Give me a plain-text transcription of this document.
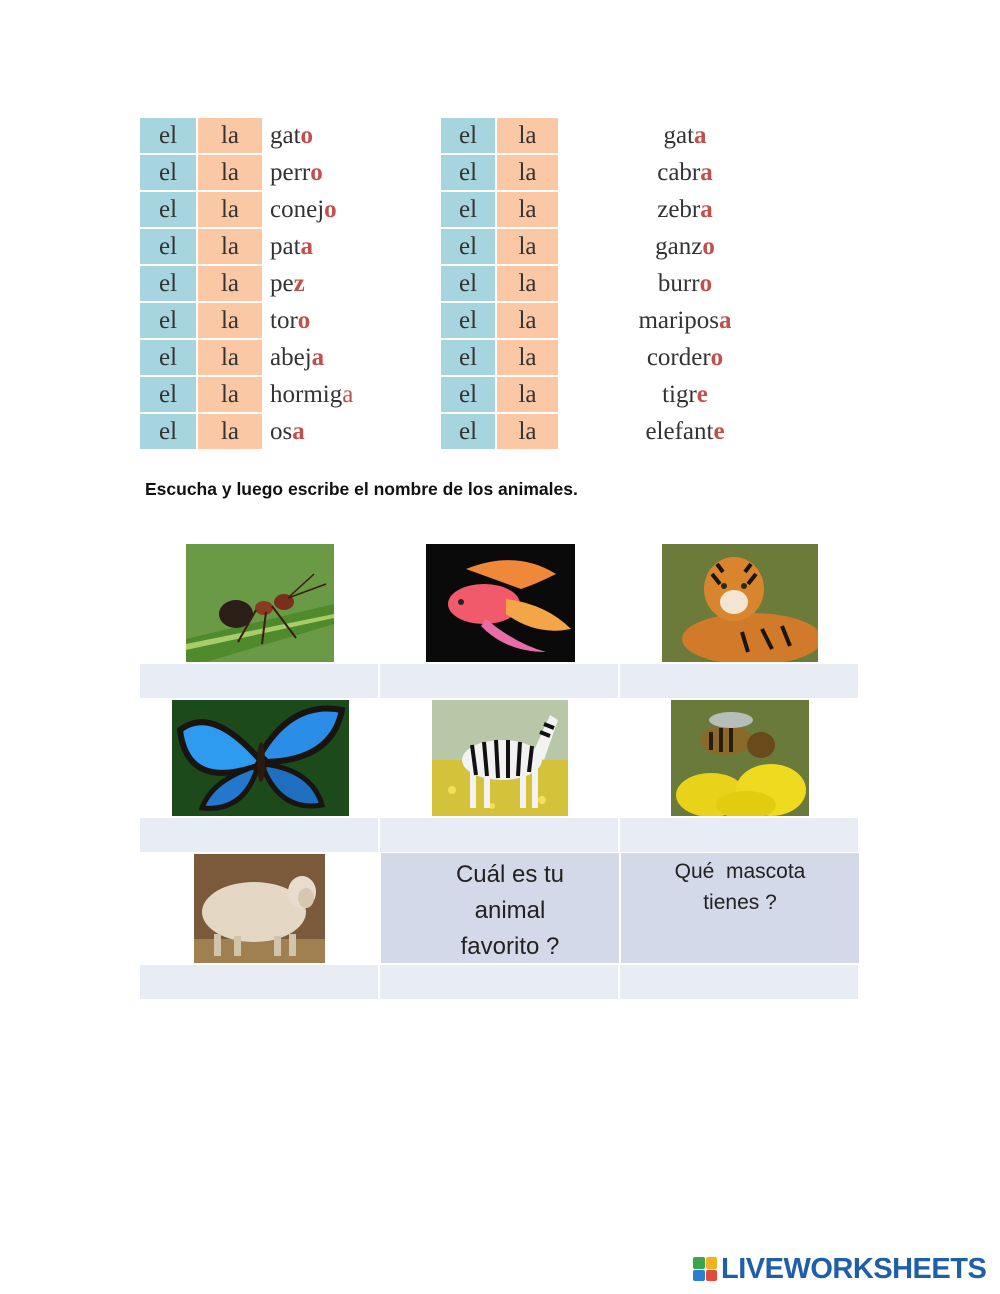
el	la	gato
el	la	perro
el	la	conejo
el	la	pata
el	la	pez
el	la	toro
el	la	abeja
el	la	hormiga
el	la	osa
el	la	gata
el	la	cabra
el	la	zebra
el	la	ganzo
el	la	burro
el	la	mariposa
el	la	cordero
el	la	tigre
el	la	elefante
Escucha y luego escribe el nombre de los animales.
Cuál es tu
animal
favorito ?
Qué  mascota
tienes ?
LIVEWORKSHEETS
